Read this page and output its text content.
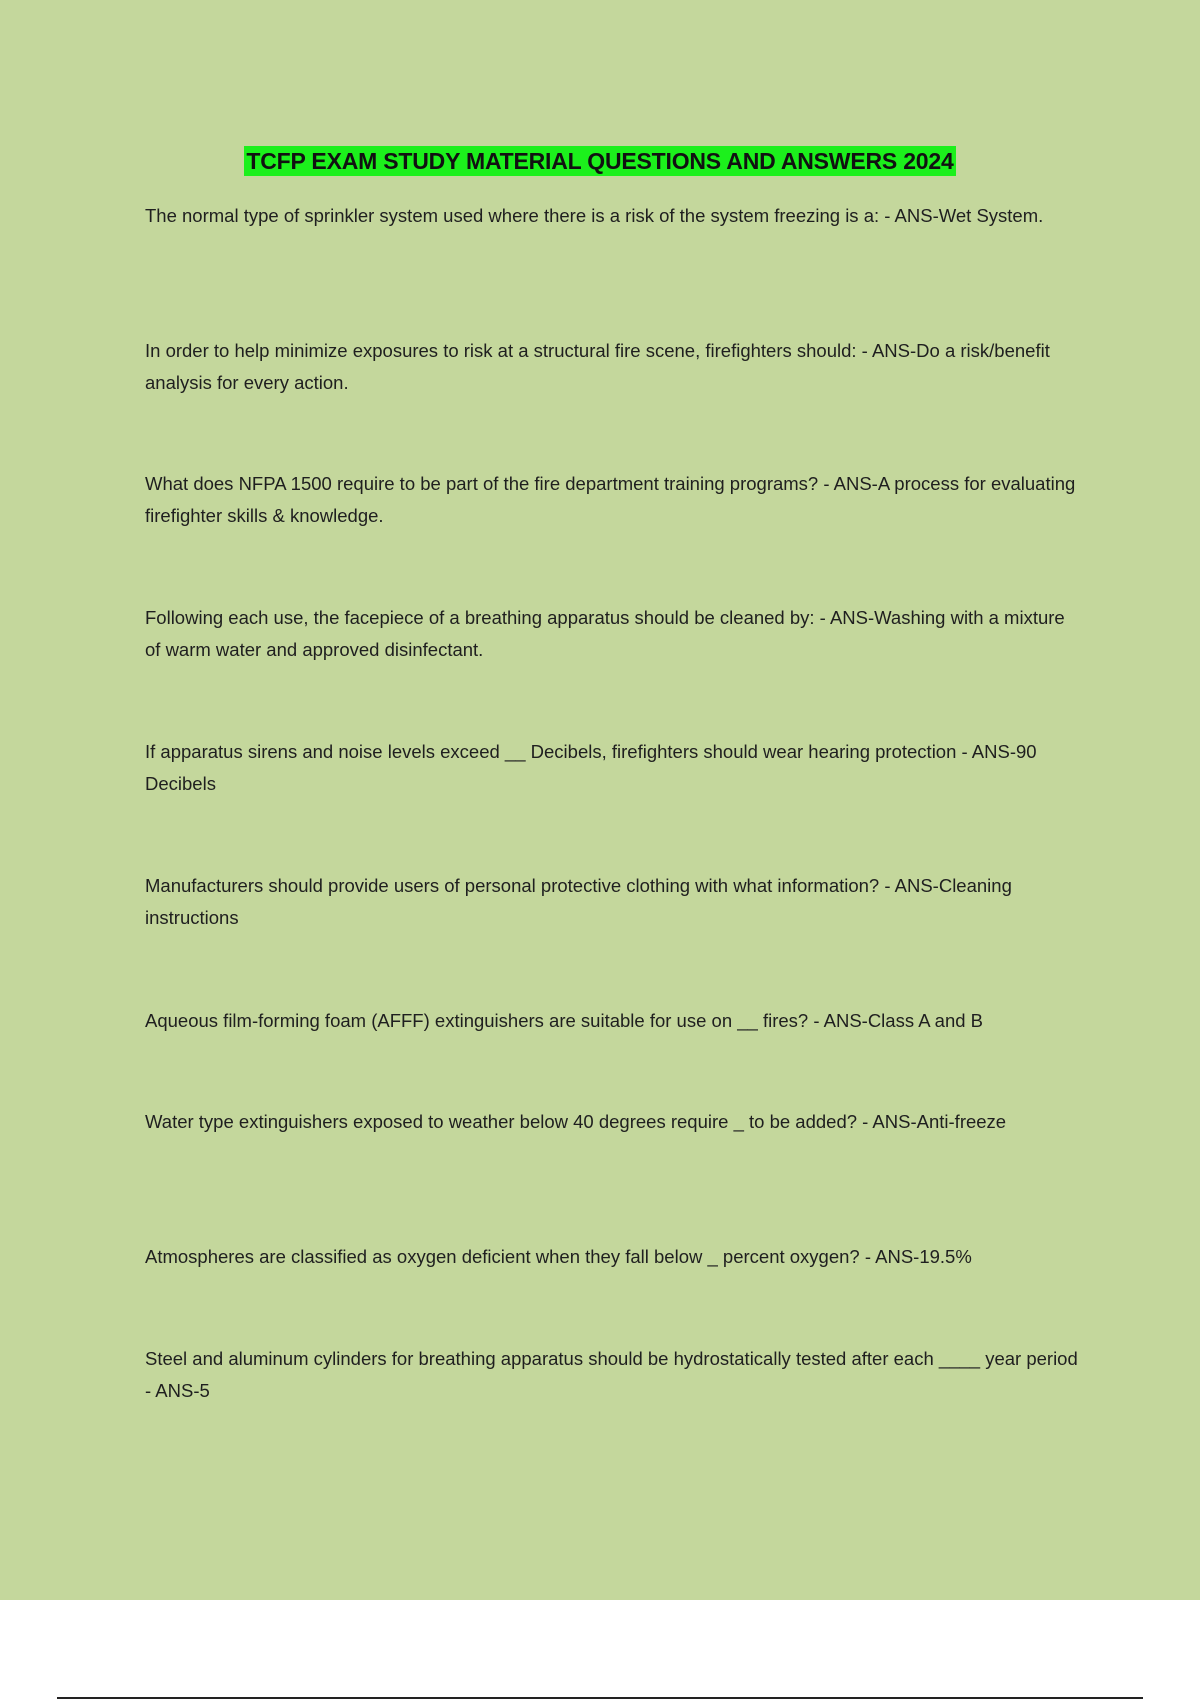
TCFP EXAM STUDY MATERIAL QUESTIONS AND ANSWERS 2024
The normal type of sprinkler system used where there is a risk of the system freezing is a: - ANS-Wet System.
In order to help minimize exposures to risk at a structural fire scene, firefighters should: - ANS-Do a risk/benefit analysis for every action.
What does NFPA 1500 require to be part of the fire department training programs? - ANS-A process for evaluating firefighter skills & knowledge.
Following each use, the facepiece of a breathing apparatus should be cleaned by: - ANS-Washing with a mixture of warm water and approved disinfectant.
If apparatus sirens and noise levels exceed __ Decibels, firefighters should wear hearing protection - ANS-90 Decibels
Manufacturers should provide users of personal protective clothing with what information? - ANS-Cleaning instructions
Aqueous film-forming foam (AFFF) extinguishers are suitable for use on __ fires? - ANS-Class A and B
Water type extinguishers exposed to weather below 40 degrees require _ to be added? - ANS-Anti-freeze
Atmospheres are classified as oxygen deficient when they fall below _ percent oxygen? - ANS-19.5%
Steel and aluminum cylinders for breathing apparatus should be hydrostatically tested after each ____ year period - ANS-5
